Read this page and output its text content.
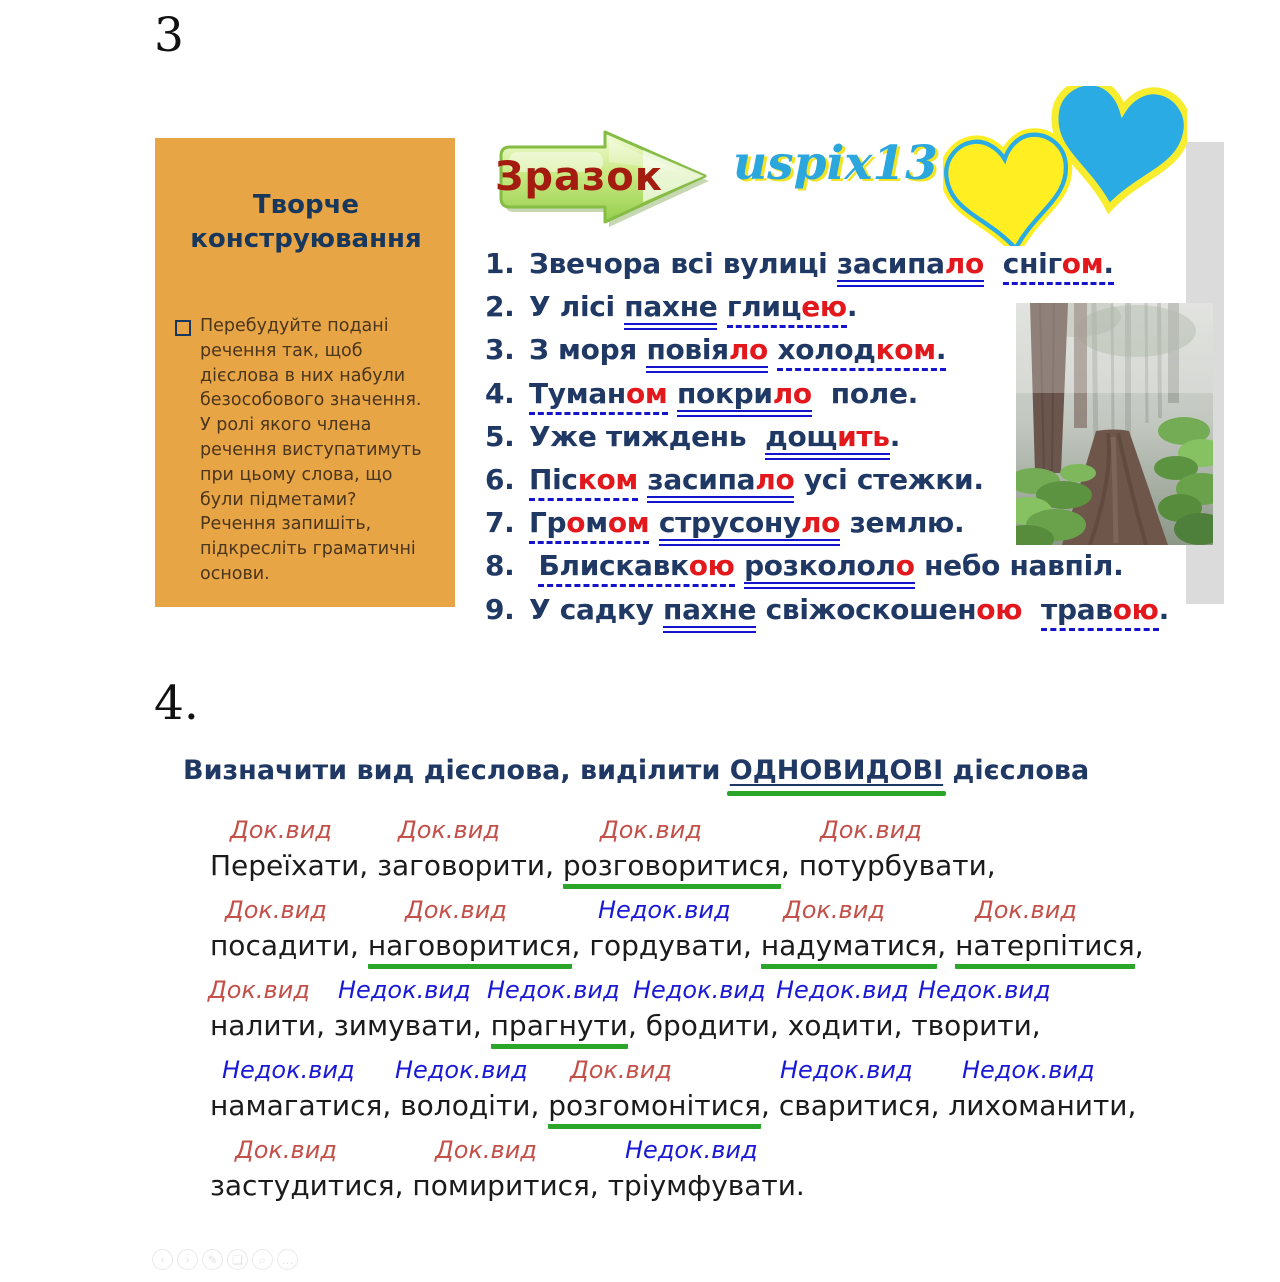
3
Творче конструювання
Перебудуйте подані речення так, щоб дієслова в них набули безособового значення. У ролі якого члена речення виступатимуть при цьому слова, що були підметами? Речення запишіть, підкресліть граматичні основи.
Зразок uspix13
1. Звечора всі вулиці засипало снігом.
2. У лісі пахне глицею.
3. З моря повіяло холодком.
4. Туманом покрило  поле.
5. Уже тиждень  дощить.
6. Піском засипало усі стежки.
7. Громом струсонуло землю.
8. Блискавкою розкололо небо навпіл.
9. У садку пахне свіжоскошеною травою.
4.
Визначити вид дієслова, виділити ОДНОВИДОВІ дієслова
Док.вид	Док.вид	Док.вид	Док.вид
Переїхати, заговорити, розговоритися, потурбувати,
Док.вид	Док.вид	Недок.вид Док.вид	Док.вид
посадити, наговоритися, гордувати, надуматися, натерпітися,
Док.вид Недок.вид Недок.вид Недок.вид Недок.вид Недок.вид
налити, зимувати, прагнути, бродити, ходити, творити,
Недок.вид Недок.вид Док.вид	Недок.вид Недок.вид
намагатися, володіти, розгомонітися, сваритися, лихоманити,
Док.вид	Док.вид	Недок.вид
застудитися, помиритися, тріумфувати.
‹	›	✎	❏	⌕	…
